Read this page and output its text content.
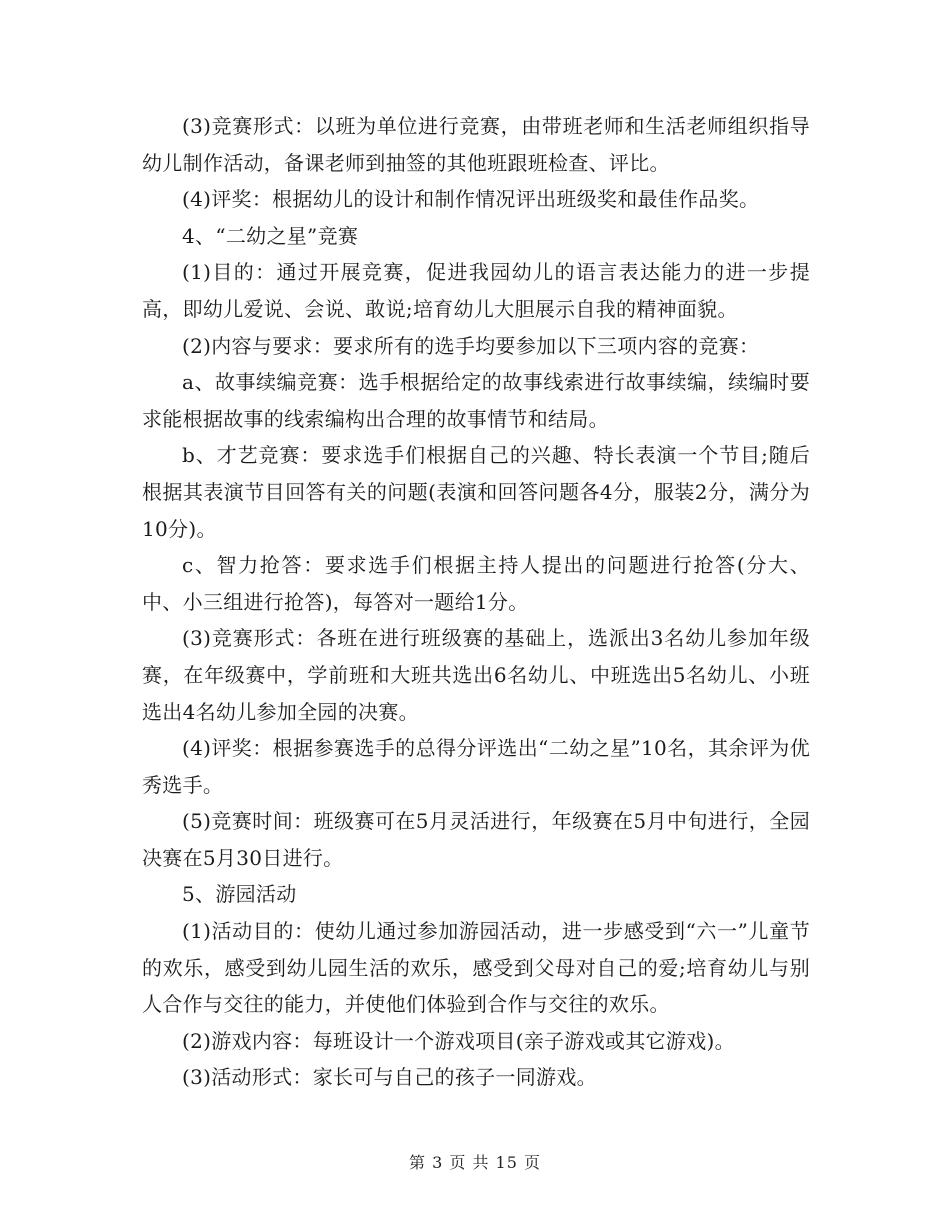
(3)竞赛形式：以班为单位进行竞赛，由带班老师和生活老师组织指导幼儿制作活动，备课老师到抽签的其他班跟班检查、评比。

(4)评奖：根据幼儿的设计和制作情况评出班级奖和最佳作品奖。

4、“二幼之星”竞赛

(1)目的：通过开展竞赛，促进我园幼儿的语言表达能力的进一步提高，即幼儿爱说、会说、敢说;培育幼儿大胆展示自我的精神面貌。

(2)内容与要求：要求所有的选手均要参加以下三项内容的竞赛：

a、故事续编竞赛：选手根据给定的故事线索进行故事续编，续编时要求能根据故事的线索编构出合理的故事情节和结局。

b、才艺竞赛：要求选手们根据自己的兴趣、特长表演一个节目;随后根据其表演节目回答有关的问题(表演和回答问题各4分，服装2分，满分为10分)。

c、智力抢答：要求选手们根据主持人提出的问题进行抢答(分大、中、小三组进行抢答)，每答对一题给1分。

(3)竞赛形式：各班在进行班级赛的基础上，选派出3名幼儿参加年级赛，在年级赛中，学前班和大班共选出6名幼儿、中班选出5名幼儿、小班选出4名幼儿参加全园的决赛。

(4)评奖：根据参赛选手的总得分评选出“二幼之星”10名，其余评为优秀选手。

(5)竞赛时间：班级赛可在5月灵活进行，年级赛在5月中旬进行，全园决赛在5月30日进行。

5、游园活动

(1)活动目的：使幼儿通过参加游园活动，进一步感受到“六一”儿童节的欢乐，感受到幼儿园生活的欢乐，感受到父母对自己的爱;培育幼儿与别人合作与交往的能力，并使他们体验到合作与交往的欢乐。

(2)游戏内容：每班设计一个游戏项目(亲子游戏或其它游戏)。

(3)活动形式：家长可与自己的孩子一同游戏。

第 3 页 共 15 页
